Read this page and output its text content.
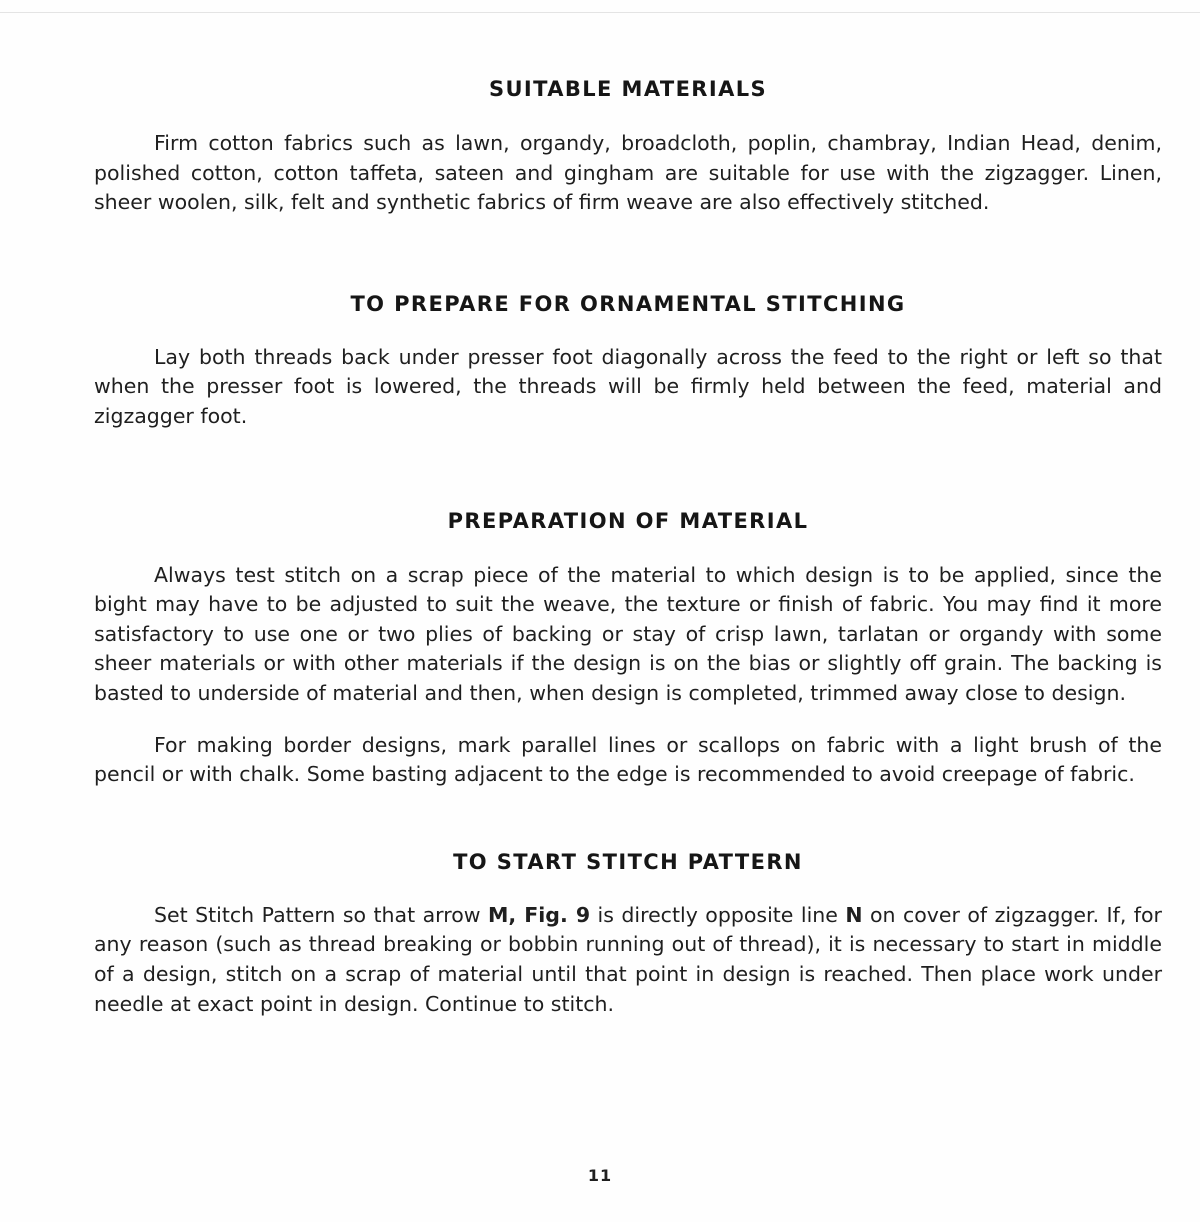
SUITABLE MATERIALS

Firm cotton fabrics such as lawn, organdy, broadcloth, poplin, chambray, Indian Head, denim, polished cotton, cotton taffeta, sateen and gingham are suitable for use with the zigzagger. Linen, sheer woolen, silk, felt and synthetic fabrics of firm weave are also effectively stitched.

TO PREPARE FOR ORNAMENTAL STITCHING

Lay both threads back under presser foot diagonally across the feed to the right or left so that when the presser foot is lowered, the threads will be firmly held between the feed, material and zigzagger foot.

PREPARATION OF MATERIAL

Always test stitch on a scrap piece of the material to which design is to be applied, since the bight may have to be adjusted to suit the weave, the texture or finish of fabric. You may find it more satisfactory to use one or two plies of backing or stay of crisp lawn, tarlatan or organdy with some sheer materials or with other materials if the design is on the bias or slightly off grain. The backing is basted to underside of material and then, when design is completed, trimmed away close to design.

For making border designs, mark parallel lines or scallops on fabric with a light brush of the pencil or with chalk. Some basting adjacent to the edge is recommended to avoid creepage of fabric.

TO START STITCH PATTERN

Set Stitch Pattern so that arrow M, Fig. 9 is directly opposite line N on cover of zigzagger. If, for any reason (such as thread breaking or bobbin running out of thread), it is necessary to start in middle of a design, stitch on a scrap of material until that point in design is reached. Then place work under needle at exact point in design. Continue to stitch.

11
